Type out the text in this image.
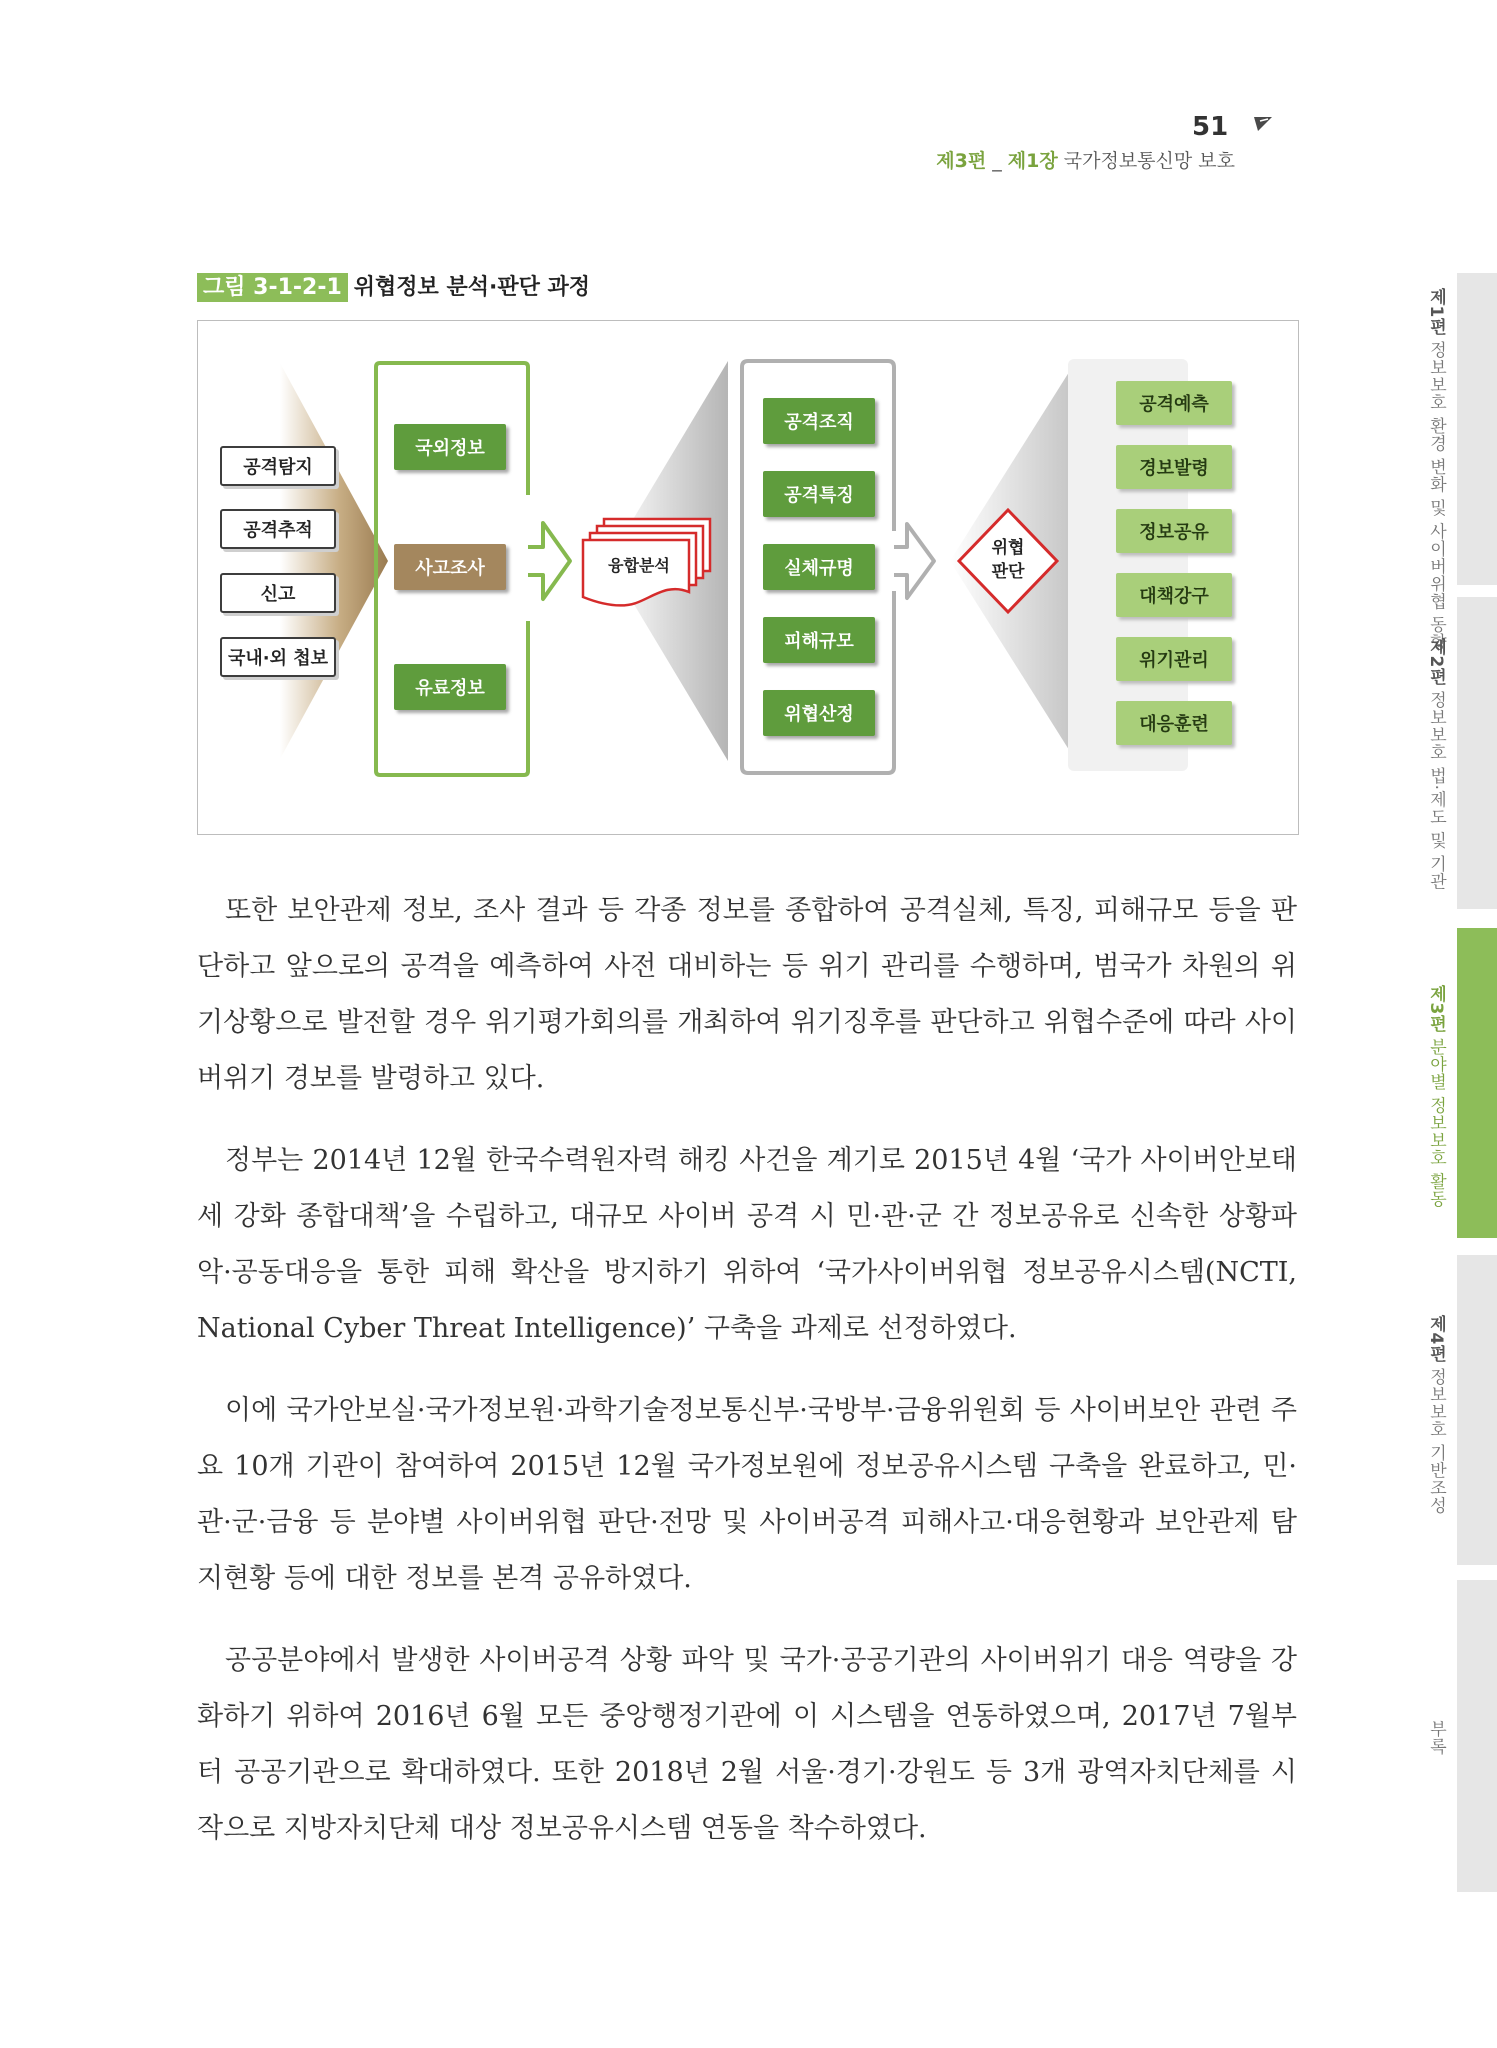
51
제3편 _ 제1장 국가정보통신망 보호
제1편 정보보호 환경 변화 및 사이버위협 동향
제2편 정보보호 법·제도 및 기관
제3편 분야별 정보보호 활동
제4편 정보보호 기반조성
부록
그림 3-1-2-1 위협정보 분석·판단 과정
공격탐지
공격추적
신고
국내·외 첩보
국외정보
사고조사
유료정보
융합분석
공격조직
공격특징
실체규명
피해규모
위협산정
위협
판단
공격예측
경보발령
정보공유
대책강구
위기관리
대응훈련

또한 보안관제 정보, 조사 결과 등 각종 정보를 종합하여 공격실체, 특징, 피해규모 등을 판단하고 앞으로의 공격을 예측하여 사전 대비하는 등 위기 관리를 수행하며, 범국가 차원의 위기상황으로 발전할 경우 위기평가회의를 개최하여 위기징후를 판단하고 위협수준에 따라 사이버위기 경보를 발령하고 있다.

정부는 2014년 12월 한국수력원자력 해킹 사건을 계기로 2015년 4월 ‘국가 사이버안보태세 강화 종합대책’을 수립하고, 대규모 사이버 공격 시 민·관·군 간 정보공유로 신속한 상황파악·공동대응을 통한 피해 확산을 방지하기 위하여 ‘국가사이버위협 정보공유시스템(NCTI, National Cyber Threat Intelligence)’ 구축을 과제로 선정하였다.

이에 국가안보실·국가정보원·과학기술정보통신부·국방부·금융위원회 등 사이버보안 관련 주요 10개 기관이 참여하여 2015년 12월 국가정보원에 정보공유시스템 구축을 완료하고, 민·관·군·금융 등 분야별 사이버위협 판단·전망 및 사이버공격 피해사고·대응현황과 보안관제 탐지현황 등에 대한 정보를 본격 공유하였다.

공공분야에서 발생한 사이버공격 상황 파악 및 국가·공공기관의 사이버위기 대응 역량을 강화하기 위하여 2016년 6월 모든 중앙행정기관에 이 시스템을 연동하였으며, 2017년 7월부터 공공기관으로 확대하였다. 또한 2018년 2월 서울·경기·강원도 등 3개 광역자치단체를 시작으로 지방자치단체 대상 정보공유시스템 연동을 착수하였다.
